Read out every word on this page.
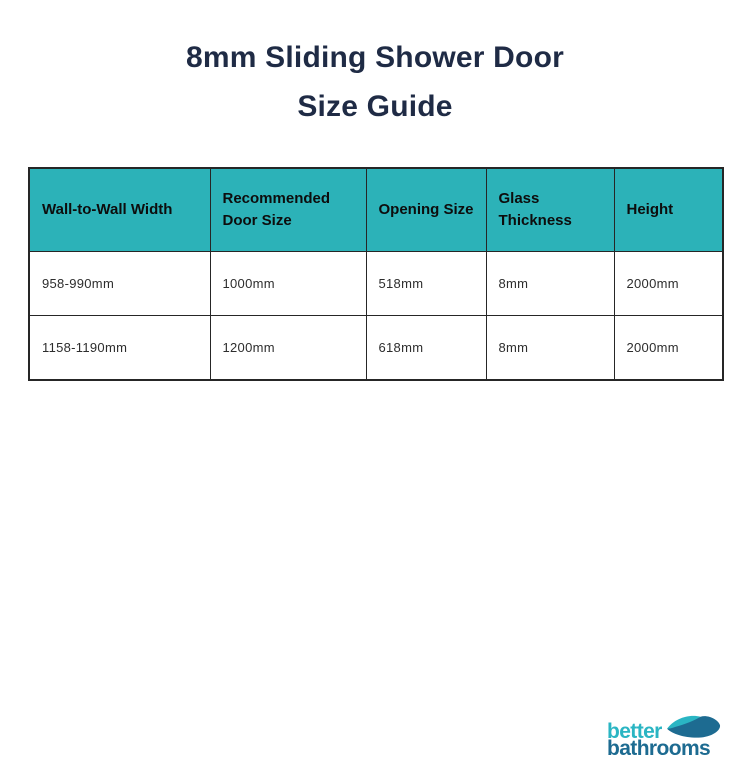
8mm Sliding Shower Door
Size Guide
Wall-to-Wall Width	Recommended Door Size	Opening Size	Glass Thickness	Height
958-990mm	1000mm	518mm	8mm	2000mm
1158-1190mm	1200mm	618mm	8mm	2000mm
better
bathrooms
